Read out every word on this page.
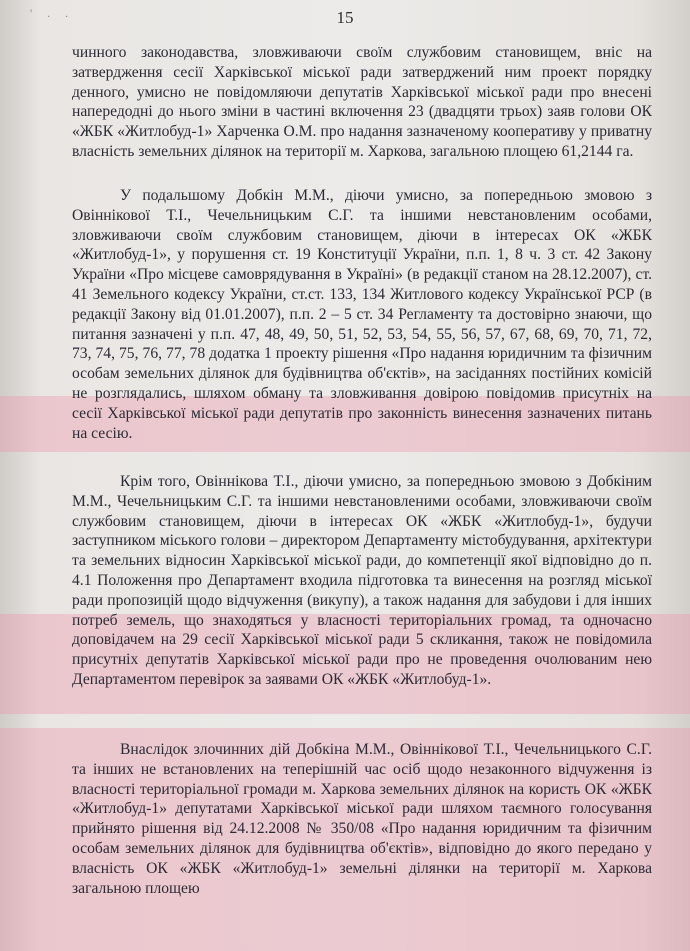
' . .	15

чинного законодавства, зловживаючи своїм службовим становищем, вніс на затвердження сесії Харківської міської ради затверджений ним проект порядку денного, умисно не повідомляючи депутатів Харківської міської ради про внесені напередодні до нього зміни в частині включення 23 (двадцяти трьох) заяв голови ОК «ЖБК «Житлобуд-1» Харченка О.М. про надання зазначеному кооперативу у приватну власність земельних ділянок на території м. Харкова, загальною площею 61,2144 га.

У подальшому Добкін М.М., діючи умисно, за попередньою змовою з Овіннікової Т.І., Чечельницьким С.Г. та іншими невстановленим особами, зловживаючи своїм службовим становищем, діючи в інтересах ОК «ЖБК «Житлобуд-1», у порушення ст. 19 Конституції України, п.п. 1, 8 ч. 3 ст. 42 Закону України «Про місцеве самоврядування в Україні» (в редакції станом на 28.12.2007), ст. 41 Земельного кодексу України, ст.ст. 133, 134 Житлового кодексу Української РСР (в редакції Закону від 01.01.2007), п.п. 2 – 5 ст. 34 Регламенту та достовірно знаючи, що питання зазначені у п.п. 47, 48, 49, 50, 51, 52, 53, 54, 55, 56, 57, 67, 68, 69, 70, 71, 72, 73, 74, 75, 76, 77, 78 додатка 1 проекту рішення «Про надання юридичним та фізичним особам земельних ділянок для будівництва об'єктів», на засіданнях постійних комісій не розглядались, шляхом обману та зловживання довірою повідомив присутніх на сесії Харківської міської ради депутатів про законність винесення зазначених питань на сесію.

Крім того, Овіннікова Т.І., діючи умисно, за попередньою змовою з Добкіним М.М., Чечельницьким С.Г. та іншими невстановленими особами, зловживаючи своїм службовим становищем, діючи в інтересах ОК «ЖБК «Житлобуд-1», будучи заступником міського голови – директором Департаменту містобудування, архітектури та земельних відносин Харківської міської ради, до компетенції якої відповідно до п. 4.1 Положення про Департамент входила підготовка та винесення на розгляд міської ради пропозицій щодо відчуження (викупу), а також надання для забудови і для інших потреб земель, що знаходяться у власності територіальних громад, та одночасно доповідачем на 29 сесії Харківської міської ради 5 скликання, також не повідомила присутніх депутатів Харківської міської ради про не проведення очолюваним нею Департаментом перевірок за заявами ОК «ЖБК «Житлобуд-1».

Внаслідок злочинних дій Добкіна М.М., Овіннікової Т.І., Чечельницького С.Г. та інших не встановлених на теперішній час осіб щодо незаконного відчуження із власності територіальної громади м. Харкова земельних ділянок на користь ОК «ЖБК «Житлобуд-1» депутатами Харківської міської ради шляхом таємного голосування прийнято рішення від 24.12.2008 № 350/08 «Про надання юридичним та фізичним особам земельних ділянок для будівництва об'єктів», відповідно до якого передано у власність ОК «ЖБК «Житлобуд-1» земельні ділянки на території м. Харкова загальною площею
